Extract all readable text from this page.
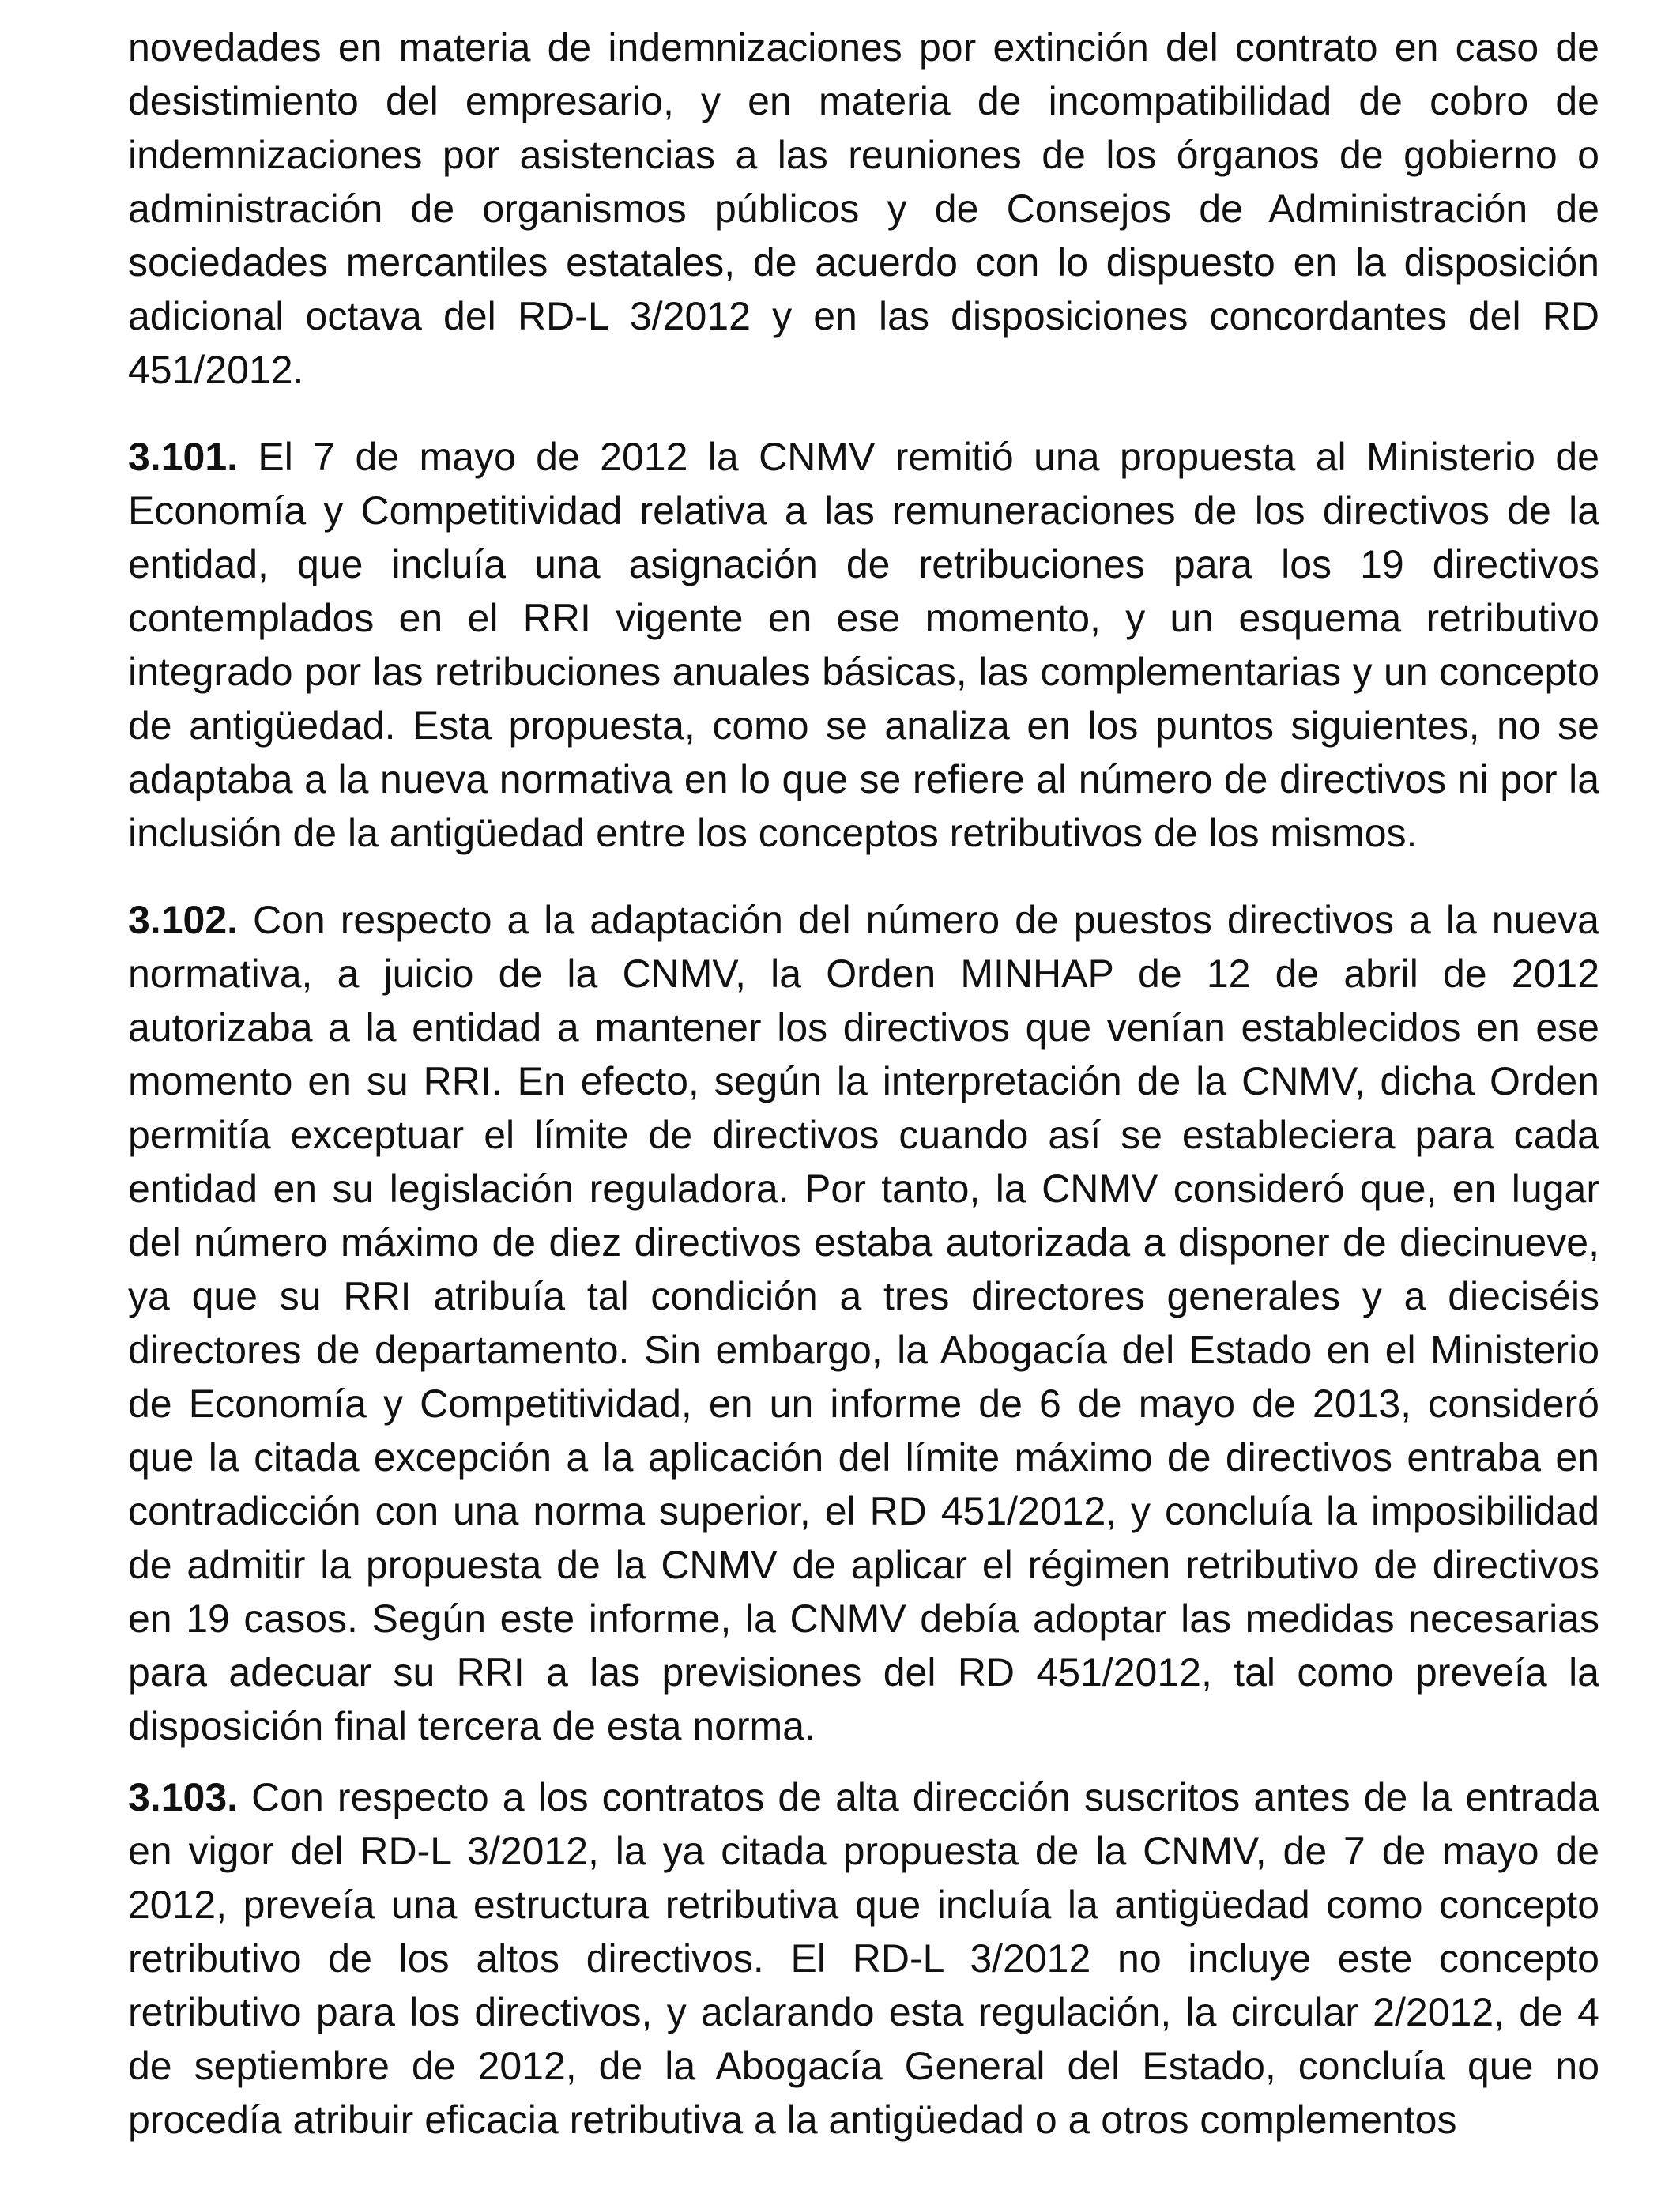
novedades en materia de indemnizaciones por extinción del contrato en caso de desistimiento del empresario, y en materia de incompatibilidad de cobro de indemnizaciones por asistencias a las reuniones de los órganos de gobierno o administración de organismos públicos y de Consejos de Administración de sociedades mercantiles estatales, de acuerdo con lo dispuesto en la disposición adicional octava del RD-L 3/2012 y en las disposiciones concordantes del RD 451/2012.

3.101. El 7 de mayo de 2012 la CNMV remitió una propuesta al Ministerio de Economía y Competitividad relativa a las remuneraciones de los directivos de la entidad, que incluía una asignación de retribuciones para los 19 directivos contemplados en el RRI vigente en ese momento, y un esquema retributivo integrado por las retribuciones anuales básicas, las complementarias y un concepto de antigüedad. Esta propuesta, como se analiza en los puntos siguientes, no se adaptaba a la nueva normativa en lo que se refiere al número de directivos ni por la inclusión de la antigüedad entre los conceptos retributivos de los mismos.

3.102. Con respecto a la adaptación del número de puestos directivos a la nueva normativa, a juicio de la CNMV, la Orden MINHAP de 12 de abril de 2012 autorizaba a la entidad a mantener los directivos que venían establecidos en ese momento en su RRI. En efecto, según la interpretación de la CNMV, dicha Orden permitía exceptuar el límite de directivos cuando así se estableciera para cada entidad en su legislación reguladora. Por tanto, la CNMV consideró que, en lugar del número máximo de diez directivos estaba autorizada a disponer de diecinueve, ya que su RRI atribuía tal condición a tres directores generales y a dieciséis directores de departamento. Sin embargo, la Abogacía del Estado en el Ministerio de Economía y Competitividad, en un informe de 6 de mayo de 2013, consideró que la citada excepción a la aplicación del límite máximo de directivos entraba en contradicción con una norma superior, el RD 451/2012, y concluía la imposibilidad de admitir la propuesta de la CNMV de aplicar el régimen retributivo de directivos en 19 casos. Según este informe, la CNMV debía adoptar las medidas necesarias para adecuar su RRI a las previsiones del RD 451/2012, tal como preveía la disposición final tercera de esta norma.

3.103. Con respecto a los contratos de alta dirección suscritos antes de la entrada en vigor del RD-L 3/2012, la ya citada propuesta de la CNMV, de 7 de mayo de 2012, preveía una estructura retributiva que incluía la antigüedad como concepto retributivo de los altos directivos. El RD-L 3/2012 no incluye este concepto retributivo para los directivos, y aclarando esta regulación, la circular 2/2012, de 4 de septiembre de 2012, de la Abogacía General del Estado, concluía que no procedía atribuir eficacia retributiva a la antigüedad o a otros complementos
